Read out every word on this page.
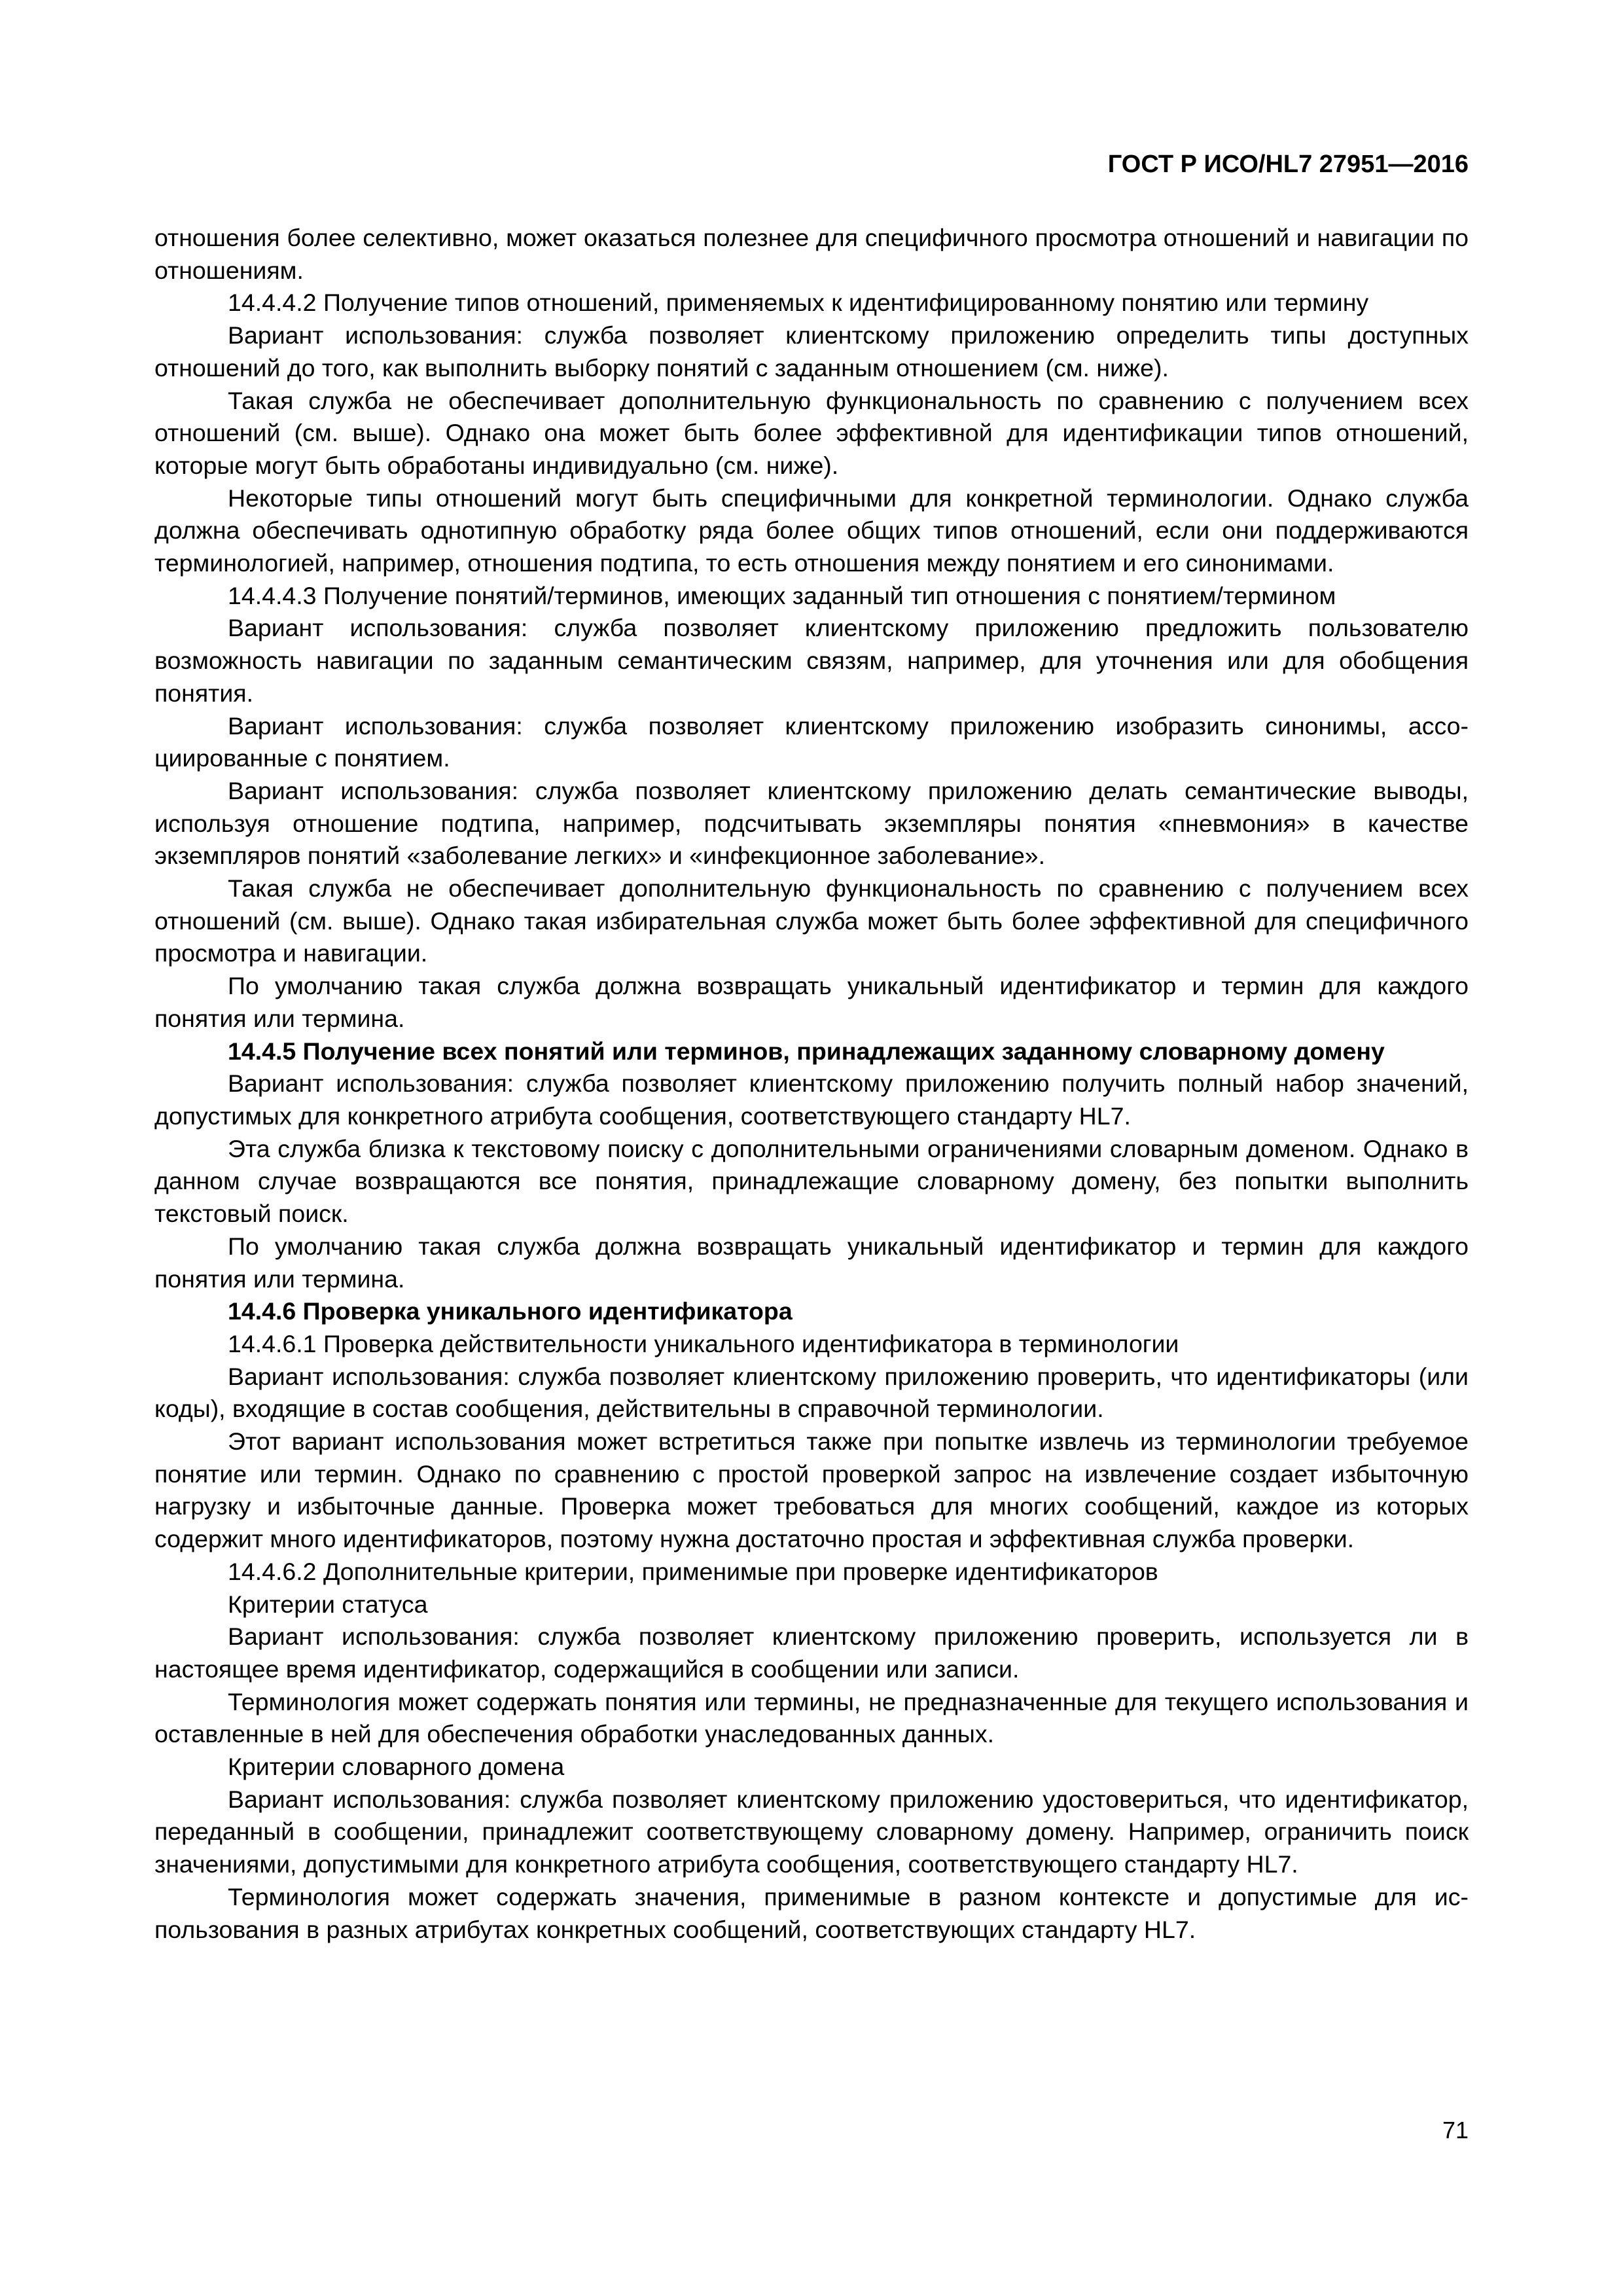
ГОСТ Р ИСО/HL7 27951—2016

отношения более селективно, может оказаться полезнее для специфичного просмотра отношений и навигации по отношениям.

14.4.4.2 Получение типов отношений, применяемых к идентифицированному понятию или термину

Вариант использования: служба позволяет клиентскому приложению определить типы доступных отношений до того, как выполнить выборку понятий с заданным отношением (см. ниже).

Такая служба не обеспечивает дополнительную функциональность по сравнению с получением всех отношений (см. выше). Однако она может быть более эффективной для идентификации типов отношений, которые могут быть обработаны индивидуально (см. ниже).

Некоторые типы отношений могут быть специфичными для конкретной терминологии. Однако служба должна обеспечивать однотипную обработку ряда более общих типов отношений, если они поддерживаются терминологией, например, отношения подтипа, то есть отношения между понятием и его синонимами.

14.4.4.3 Получение понятий/терминов, имеющих заданный тип отношения с понятием/термином

Вариант использования: служба позволяет клиентскому приложению предложить пользователю возможность навигации по заданным семантическим связям, например, для уточнения или для обобщения понятия.

Вариант использования: служба позволяет клиентскому приложению изобразить синонимы, ассоциированные с понятием.

Вариант использования: служба позволяет клиентскому приложению делать семантические выводы, используя отношение подтипа, например, подсчитывать экземпляры понятия «пневмония» в качестве экземпляров понятий «заболевание легких» и «инфекционное заболевание».

Такая служба не обеспечивает дополнительную функциональность по сравнению с получением всех отношений (см. выше). Однако такая избирательная служба может быть более эффективной для специфичного просмотра и навигации.

По умолчанию такая служба должна возвращать уникальный идентификатор и термин для каждого понятия или термина.

14.4.5 Получение всех понятий или терминов, принадлежащих заданному словарному домену

Вариант использования: служба позволяет клиентскому приложению получить полный набор значений, допустимых для конкретного атрибута сообщения, соответствующего стандарту HL7.

Эта служба близка к текстовому поиску с дополнительными ограничениями словарным доменом. Однако в данном случае возвращаются все понятия, принадлежащие словарному домену, без попытки выполнить текстовый поиск.

По умолчанию такая служба должна возвращать уникальный идентификатор и термин для каждого понятия или термина.

14.4.6 Проверка уникального идентификатора

14.4.6.1 Проверка действительности уникального идентификатора в терминологии

Вариант использования: служба позволяет клиентскому приложению проверить, что идентификаторы (или коды), входящие в состав сообщения, действительны в справочной терминологии.

Этот вариант использования может встретиться также при попытке извлечь из терминологии требуемое понятие или термин. Однако по сравнению с простой проверкой запрос на извлечение создает избыточную нагрузку и избыточные данные. Проверка может требоваться для многих сообщений, каждое из которых содержит много идентификаторов, поэтому нужна достаточно простая и эффективная служба проверки.

14.4.6.2 Дополнительные критерии, применимые при проверке идентификаторов

Критерии статуса

Вариант использования: служба позволяет клиентскому приложению проверить, используется ли в настоящее время идентификатор, содержащийся в сообщении или записи.

Терминология может содержать понятия или термины, не предназначенные для текущего использования и оставленные в ней для обеспечения обработки унаследованных данных.

Критерии словарного домена

Вариант использования: служба позволяет клиентскому приложению удостовериться, что идентификатор, переданный в сообщении, принадлежит соответствующему словарному домену. Например, ограничить поиск значениями, допустимыми для конкретного атрибута сообщения, соответствующего стандарту HL7.

Терминология может содержать значения, применимые в разном контексте и допустимые для использования в разных атрибутах конкретных сообщений, соответствующих стандарту HL7.

71
